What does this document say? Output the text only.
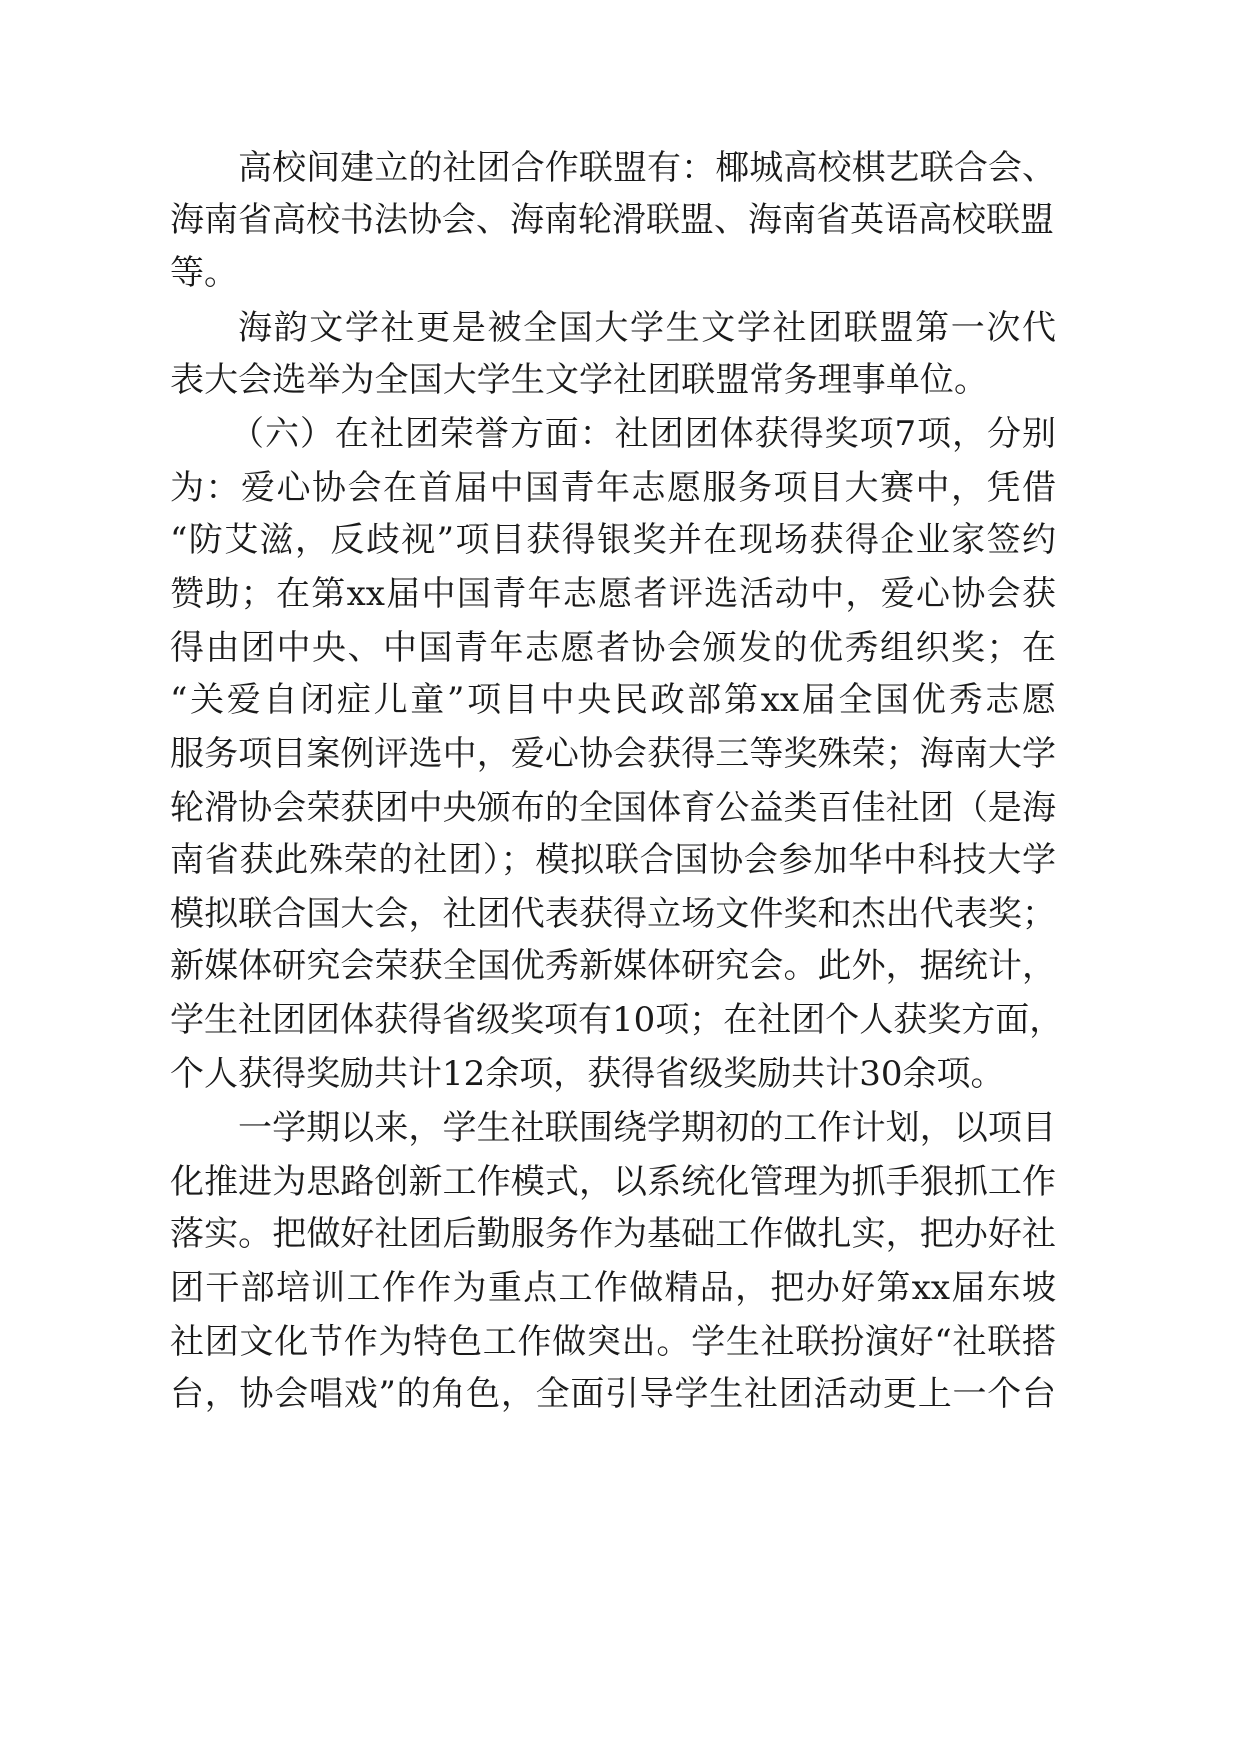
高校间建立的社团合作联盟有：椰城高校棋艺联合会、
海南省高校书法协会、海南轮滑联盟、海南省英语高校联盟
等。
海韵文学社更是被全国大学生文学社团联盟第一次代
表大会选举为全国大学生文学社团联盟常务理事单位。
（六）在社团荣誉方面：社团团体获得奖项7项，分别
为：爱心协会在首届中国青年志愿服务项目大赛中，凭借
“防艾滋，反歧视”项目获得银奖并在现场获得企业家签约
赞助；在第xx届中国青年志愿者评选活动中，爱心协会获
得由团中央、中国青年志愿者协会颁发的优秀组织奖；在
“关爱自闭症儿童”项目中央民政部第xx届全国优秀志愿
服务项目案例评选中，爱心协会获得三等奖殊荣；海南大学
轮滑协会荣获团中央颁布的全国体育公益类百佳社团（是海
南省获此殊荣的社团）；模拟联合国协会参加华中科技大学
模拟联合国大会，社团代表获得立场文件奖和杰出代表奖；
新媒体研究会荣获全国优秀新媒体研究会。此外，据统计，
学生社团团体获得省级奖项有10项；在社团个人获奖方面，
个人获得奖励共计12余项，获得省级奖励共计30余项。
一学期以来，学生社联围绕学期初的工作计划，以项目
化推进为思路创新工作模式，以系统化管理为抓手狠抓工作
落实。把做好社团后勤服务作为基础工作做扎实，把办好社
团干部培训工作作为重点工作做精品，把办好第xx届东坡
社团文化节作为特色工作做突出。学生社联扮演好“社联搭
台，协会唱戏”的角色，全面引导学生社团活动更上一个台
